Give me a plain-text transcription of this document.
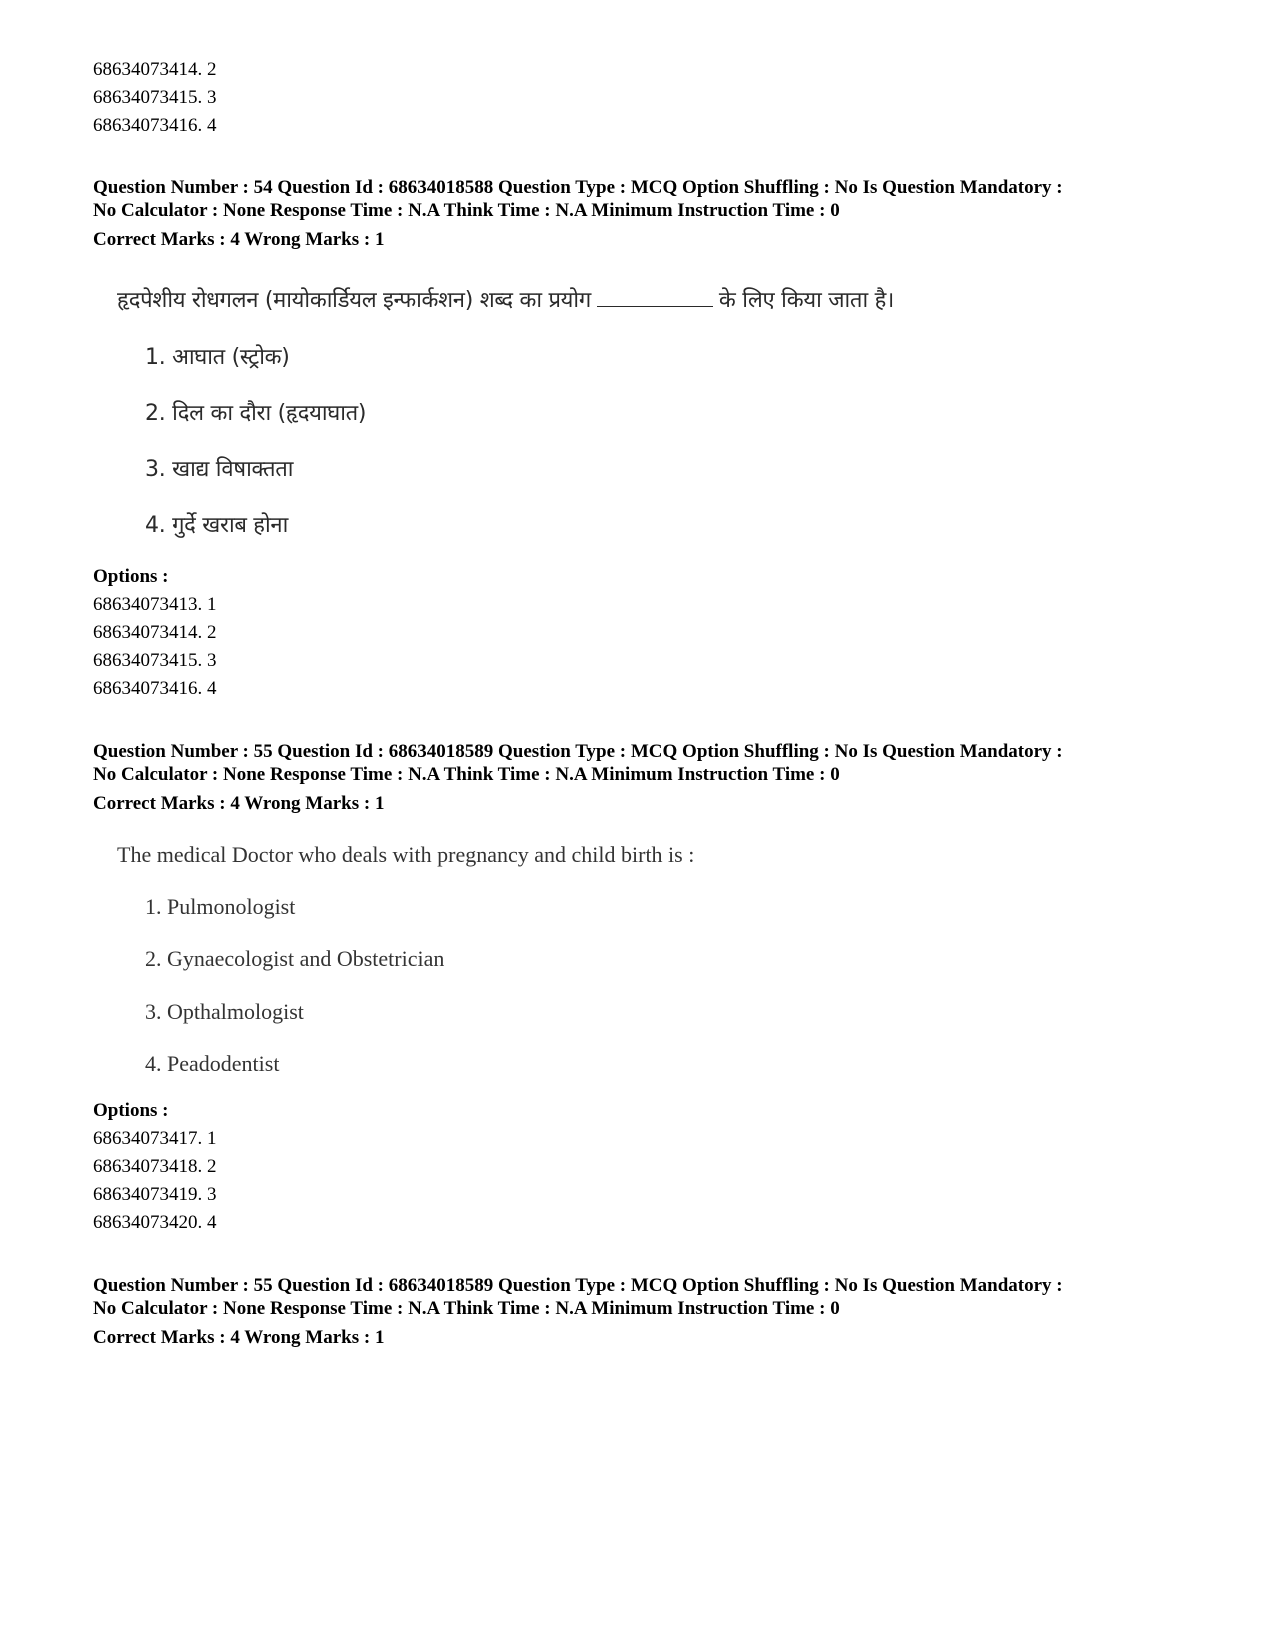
68634073414. 2
68634073415. 3
68634073416. 4
Question Number : 54 Question Id : 68634018588 Question Type : MCQ Option Shuffling : No Is Question Mandatory :
No Calculator : None Response Time : N.A Think Time : N.A Minimum Instruction Time : 0
Correct Marks : 4 Wrong Marks : 1
हृदपेशीय रोधगलन (मायोकार्डियल इन्फार्कशन) शब्द का प्रयोग	के लिए किया जाता है।
1. आघात (स्ट्रोक)
2. दिल का दौरा (हृदयाघात)
3. खाद्य विषाक्तता
4. गुर्दे खराब होना
Options :
68634073413. 1
68634073414. 2
68634073415. 3
68634073416. 4
Question Number : 55 Question Id : 68634018589 Question Type : MCQ Option Shuffling : No Is Question Mandatory :
No Calculator : None Response Time : N.A Think Time : N.A Minimum Instruction Time : 0
Correct Marks : 4 Wrong Marks : 1
The medical Doctor who deals with pregnancy and child birth is :
1. Pulmonologist
2. Gynaecologist and Obstetrician
3. Opthalmologist
4. Peadodentist
Options :
68634073417. 1
68634073418. 2
68634073419. 3
68634073420. 4
Question Number : 55 Question Id : 68634018589 Question Type : MCQ Option Shuffling : No Is Question Mandatory :
No Calculator : None Response Time : N.A Think Time : N.A Minimum Instruction Time : 0
Correct Marks : 4 Wrong Marks : 1
